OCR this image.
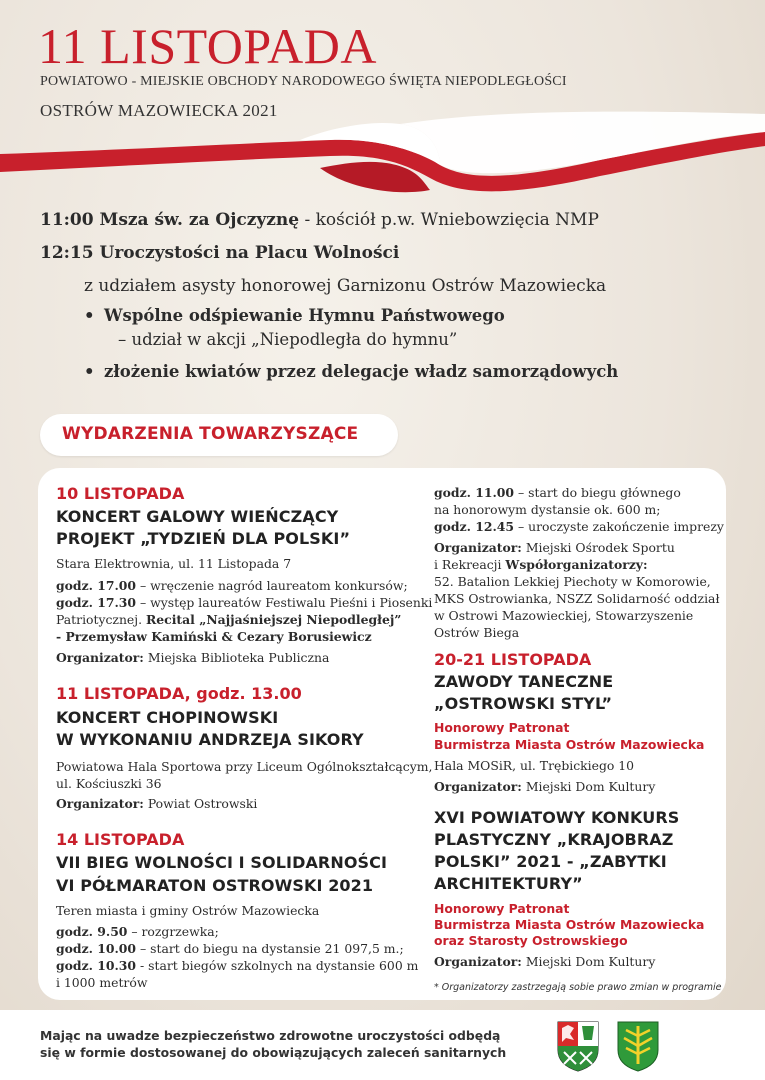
11 LISTOPADA
POWIATOWO - MIEJSKIE OBCHODY NARODOWEGO ŚWIĘTA NIEPODLEGŁOŚCI
OSTRÓW MAZOWIECKA 2021
11:00 Msza św. za Ojczyznę - kościół p.w. Wniebowzięcia NMP
12:15 Uroczystości na Placu Wolności
z udziałem asysty honorowej Garnizonu Ostrów Mazowiecka
• Wspólne odśpiewanie Hymnu Państwowego
– udział w akcji „Niepodległa do hymnu”
• złożenie kwiatów przez delegacje władz samorządowych
WYDARZENIA TOWARZYSZĄCE
10 LISTOPADA
KONCERT GALOWY WIEŃCZĄCY
PROJEKT „TYDZIEŃ DLA POLSKI”
Stara Elektrownia, ul. 11 Listopada 7
godz. 17.00 – wręczenie nagród laureatom konkursów;
godz. 17.30 – występ laureatów Festiwalu Pieśni i Piosenki
Patriotycznej. Recital „Najjaśniejszej Niepodległej”
- Przemysław Kamiński & Cezary Borusiewicz
Organizator: Miejska Biblioteka Publiczna
11 LISTOPADA, godz. 13.00
KONCERT CHOPINOWSKI
W WYKONANIU ANDRZEJA SIKORY
Powiatowa Hala Sportowa przy Liceum Ogólnokształcącym,
ul. Kościuszki 36
Organizator: Powiat Ostrowski
14 LISTOPADA
VII BIEG WOLNOŚCI I SOLIDARNOŚCI
VI PÓŁMARATON OSTROWSKI 2021
Teren miasta i gminy Ostrów Mazowiecka
godz. 9.50 – rozgrzewka;
godz. 10.00 – start do biegu na dystansie 21 097,5 m.;
godz. 10.30 - start biegów szkolnych na dystansie 600 m
i 1000 metrów
godz. 11.00 – start do biegu głównego
na honorowym dystansie ok. 600 m;
godz. 12.45 – uroczyste zakończenie imprezy
Organizator: Miejski Ośrodek Sportu
i Rekreacji Współorganizatorzy:
52. Batalion Lekkiej Piechoty w Komorowie,
MKS Ostrowianka, NSZZ Solidarność oddział
w Ostrowi Mazowieckiej, Stowarzyszenie
Ostrów Biega
20-21 LISTOPADA
ZAWODY TANECZNE
„OSTROWSKI STYL”
Honorowy Patronat
Burmistrza Miasta Ostrów Mazowiecka
Hala MOSiR, ul. Trębickiego 10
Organizator: Miejski Dom Kultury
XVI POWIATOWY KONKURS
PLASTYCZNY „KRAJOBRAZ
POLSKI” 2021 - „ZABYTKI
ARCHITEKTURY”
Honorowy Patronat
Burmistrza Miasta Ostrów Mazowiecka
oraz Starosty Ostrowskiego
Organizator: Miejski Dom Kultury
* Organizatorzy zastrzegają sobie prawo zmian w programie
Mając na uwadze bezpieczeństwo zdrowotne uroczystości odbędą
się w formie dostosowanej do obowiązujących zaleceń sanitarnych
